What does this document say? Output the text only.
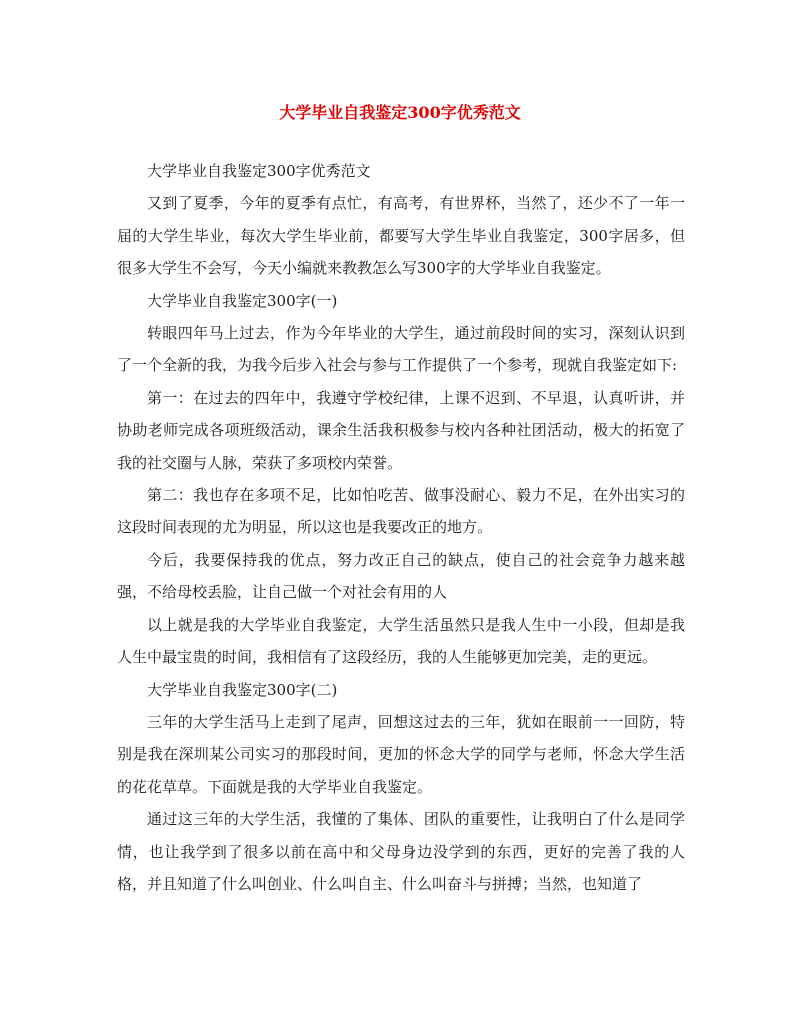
大学毕业自我鉴定300字优秀范文

大学毕业自我鉴定300字优秀范文

又到了夏季，今年的夏季有点忙，有高考，有世界杯，当然了，还少不了一年一届的大学生毕业，每次大学生毕业前，都要写大学生毕业自我鉴定，300字居多，但很多大学生不会写，今天小编就来教教怎么写300字的大学毕业自我鉴定。

大学毕业自我鉴定300字(一)

转眼四年马上过去，作为今年毕业的大学生，通过前段时间的实习，深刻认识到了一个全新的我，为我今后步入社会与参与工作提供了一个参考，现就自我鉴定如下:

第一：在过去的四年中，我遵守学校纪律，上课不迟到、不早退，认真听讲，并协助老师完成各项班级活动，课余生活我积极参与校内各种社团活动，极大的拓宽了我的社交圈与人脉，荣获了多项校内荣誉。

第二：我也存在多项不足，比如怕吃苦、做事没耐心、毅力不足，在外出实习的这段时间表现的尤为明显，所以这也是我要改正的地方。

今后，我要保持我的优点，努力改正自己的缺点，使自己的社会竞争力越来越强，不给母校丢脸，让自己做一个对社会有用的人

以上就是我的大学毕业自我鉴定，大学生活虽然只是我人生中一小段，但却是我人生中最宝贵的时间，我相信有了这段经历，我的人生能够更加完美，走的更远。

大学毕业自我鉴定300字(二)

三年的大学生活马上走到了尾声，回想这过去的三年，犹如在眼前一一回防，特别是我在深圳某公司实习的那段时间，更加的怀念大学的同学与老师，怀念大学生活的花花草草。下面就是我的大学毕业自我鉴定。

通过这三年的大学生活，我懂的了集体、团队的重要性，让我明白了什么是同学情，也让我学到了很多以前在高中和父母身边没学到的东西，更好的完善了我的人格，并且知道了什么叫创业、什么叫自主、什么叫奋斗与拼搏；当然，也知道了
